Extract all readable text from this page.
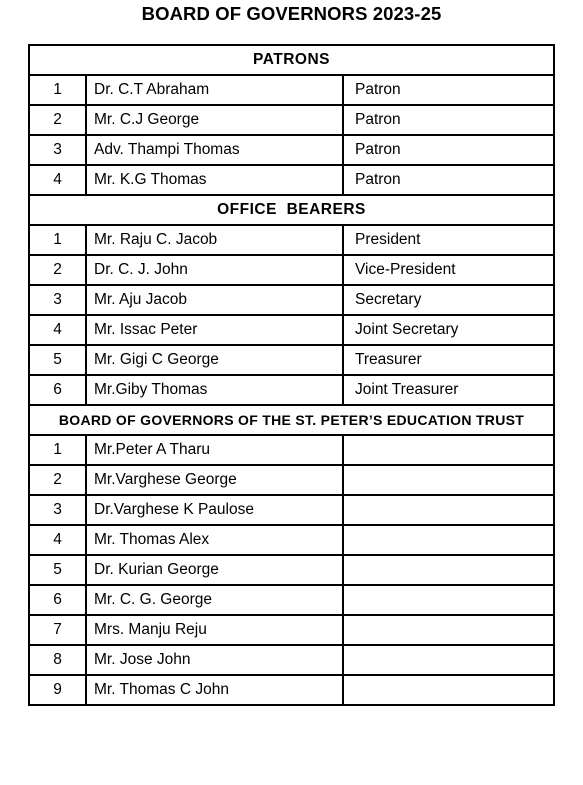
BOARD OF GOVERNORS 2023-25
PATRONS		
1	Dr. C.T Abraham	Patron
2	Mr. C.J George	Patron
3	Adv. Thampi Thomas	Patron
4	Mr. K.G Thomas	Patron
OFFICE  BEARERS		
1	Mr. Raju C. Jacob	President
2	Dr. C. J. John	Vice-President
3	Mr. Aju Jacob	Secretary
4	Mr. Issac Peter	Joint Secretary
5	Mr. Gigi C George	Treasurer
6	Mr.Giby Thomas	Joint Treasurer
BOARD OF GOVERNORS OF THE ST. PETER’S EDUCATION TRUST		
1	Mr.Peter A Tharu	
2	Mr.Varghese George	
3	Dr.Varghese K Paulose	
4	Mr. Thomas Alex	
5	Dr. Kurian George	
6	Mr. C. G. George	
7	Mrs. Manju Reju	
8	Mr. Jose John	
9	Mr. Thomas C John	
